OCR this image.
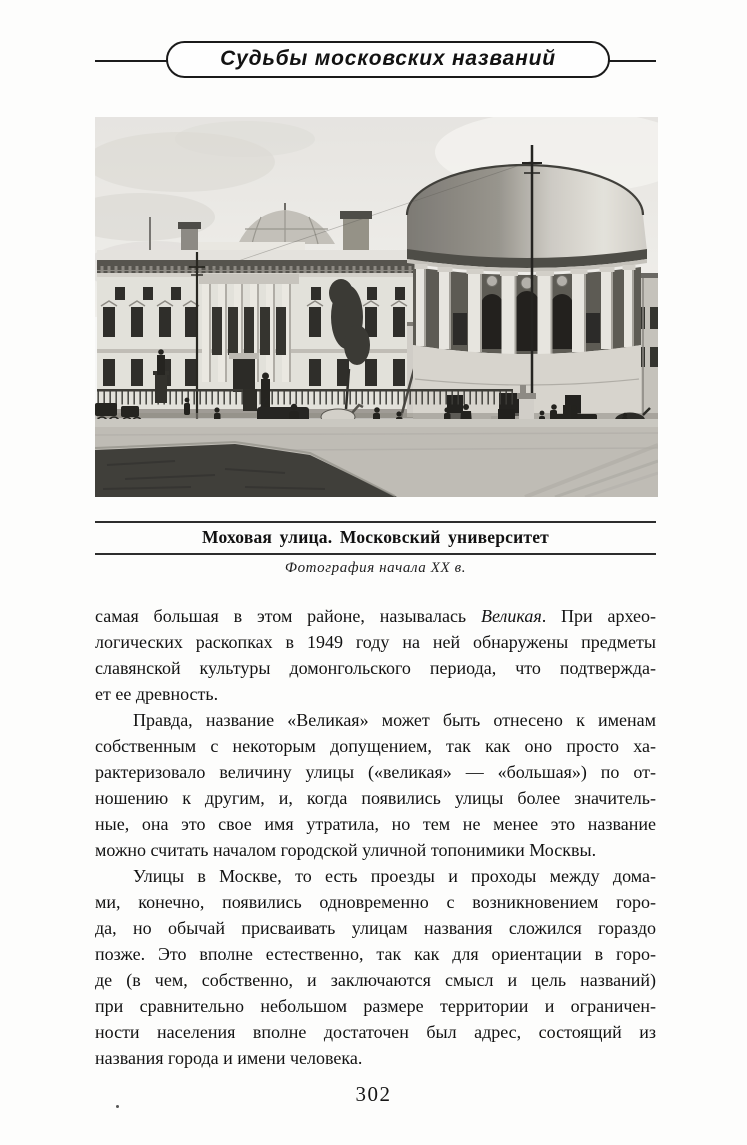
Судьбы московских названий
Моховая улица. Московский университет
Фотография начала XX в.
самая большая в этом районе, называлась Великая. При архео-
логических раскопках в 1949 году на ней обнаружены предметы
славянской культуры домонгольского периода, что подтвержда-
ет ее древность.
Правда, название «Великая» может быть отнесено к именам
собственным с некоторым допущением, так как оно просто ха-
рактеризовало величину улицы («великая» — «большая») по от-
ношению к другим, и, когда появились улицы более значитель-
ные, она это свое имя утратила, но тем не менее это название
можно считать началом городской уличной топонимики Москвы.
Улицы в Москве, то есть проезды и проходы между дома-
ми, конечно, появились одновременно с возникновением горо-
да, но обычай присваивать улицам названия сложился гораздо
позже. Это вполне естественно, так как для ориентации в горо-
де (в чем, собственно, и заключаются смысл и цель названий)
при сравнительно небольшом размере территории и ограничен-
ности населения вполне достаточен был адрес, состоящий из
названия города и имени человека.
302
